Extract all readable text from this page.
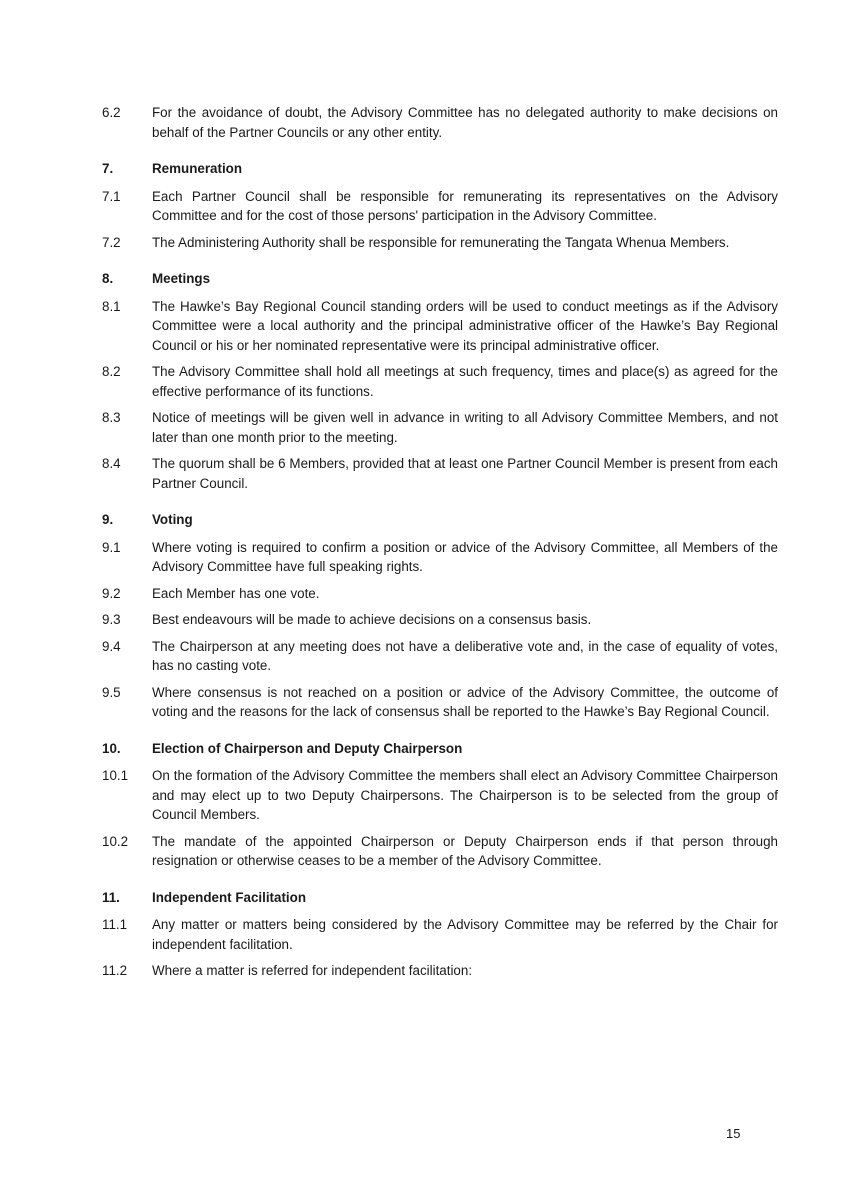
6.2	For the avoidance of doubt, the Advisory Committee has no delegated authority to make decisions on behalf of the Partner Councils or any other entity.
7.	Remuneration
7.1	Each Partner Council shall be responsible for remunerating its representatives on the Advisory Committee and for the cost of those persons' participation in the Advisory Committee.
7.2	The Administering Authority shall be responsible for remunerating the Tangata Whenua Members.
8.	Meetings
8.1	The Hawke’s Bay Regional Council standing orders will be used to conduct meetings as if the Advisory Committee were a local authority and the principal administrative officer of the Hawke’s Bay Regional Council or his or her nominated representative were its principal administrative officer.
8.2	The Advisory Committee shall hold all meetings at such frequency, times and place(s) as agreed for the effective performance of its functions.
8.3	Notice of meetings will be given well in advance in writing to all Advisory Committee Members, and not later than one month prior to the meeting.
8.4	The quorum shall be 6 Members, provided that at least one Partner Council Member is present from each Partner Council.
9.	Voting
9.1	Where voting is required to confirm a position or advice of the Advisory Committee, all Members of the Advisory Committee have full speaking rights.
9.2	Each Member has one vote.
9.3	Best endeavours will be made to achieve decisions on a consensus basis.
9.4	The Chairperson at any meeting does not have a deliberative vote and, in the case of equality of votes, has no casting vote.
9.5	Where consensus is not reached on a position or advice of the Advisory Committee, the outcome of voting and the reasons for the lack of consensus shall be reported to the Hawke’s Bay Regional Council.
10.	Election of Chairperson and Deputy Chairperson
10.1	On the formation of the Advisory Committee the members shall elect an Advisory Committee Chairperson and may elect up to two Deputy Chairpersons. The Chairperson is to be selected from the group of Council Members.
10.2	The mandate of the appointed Chairperson or Deputy Chairperson ends if that person through resignation or otherwise ceases to be a member of the Advisory Committee.
11.	Independent Facilitation
11.1	Any matter or matters being considered by the Advisory Committee may be referred by the Chair for independent facilitation.
11.2	Where a matter is referred for independent facilitation:
15
